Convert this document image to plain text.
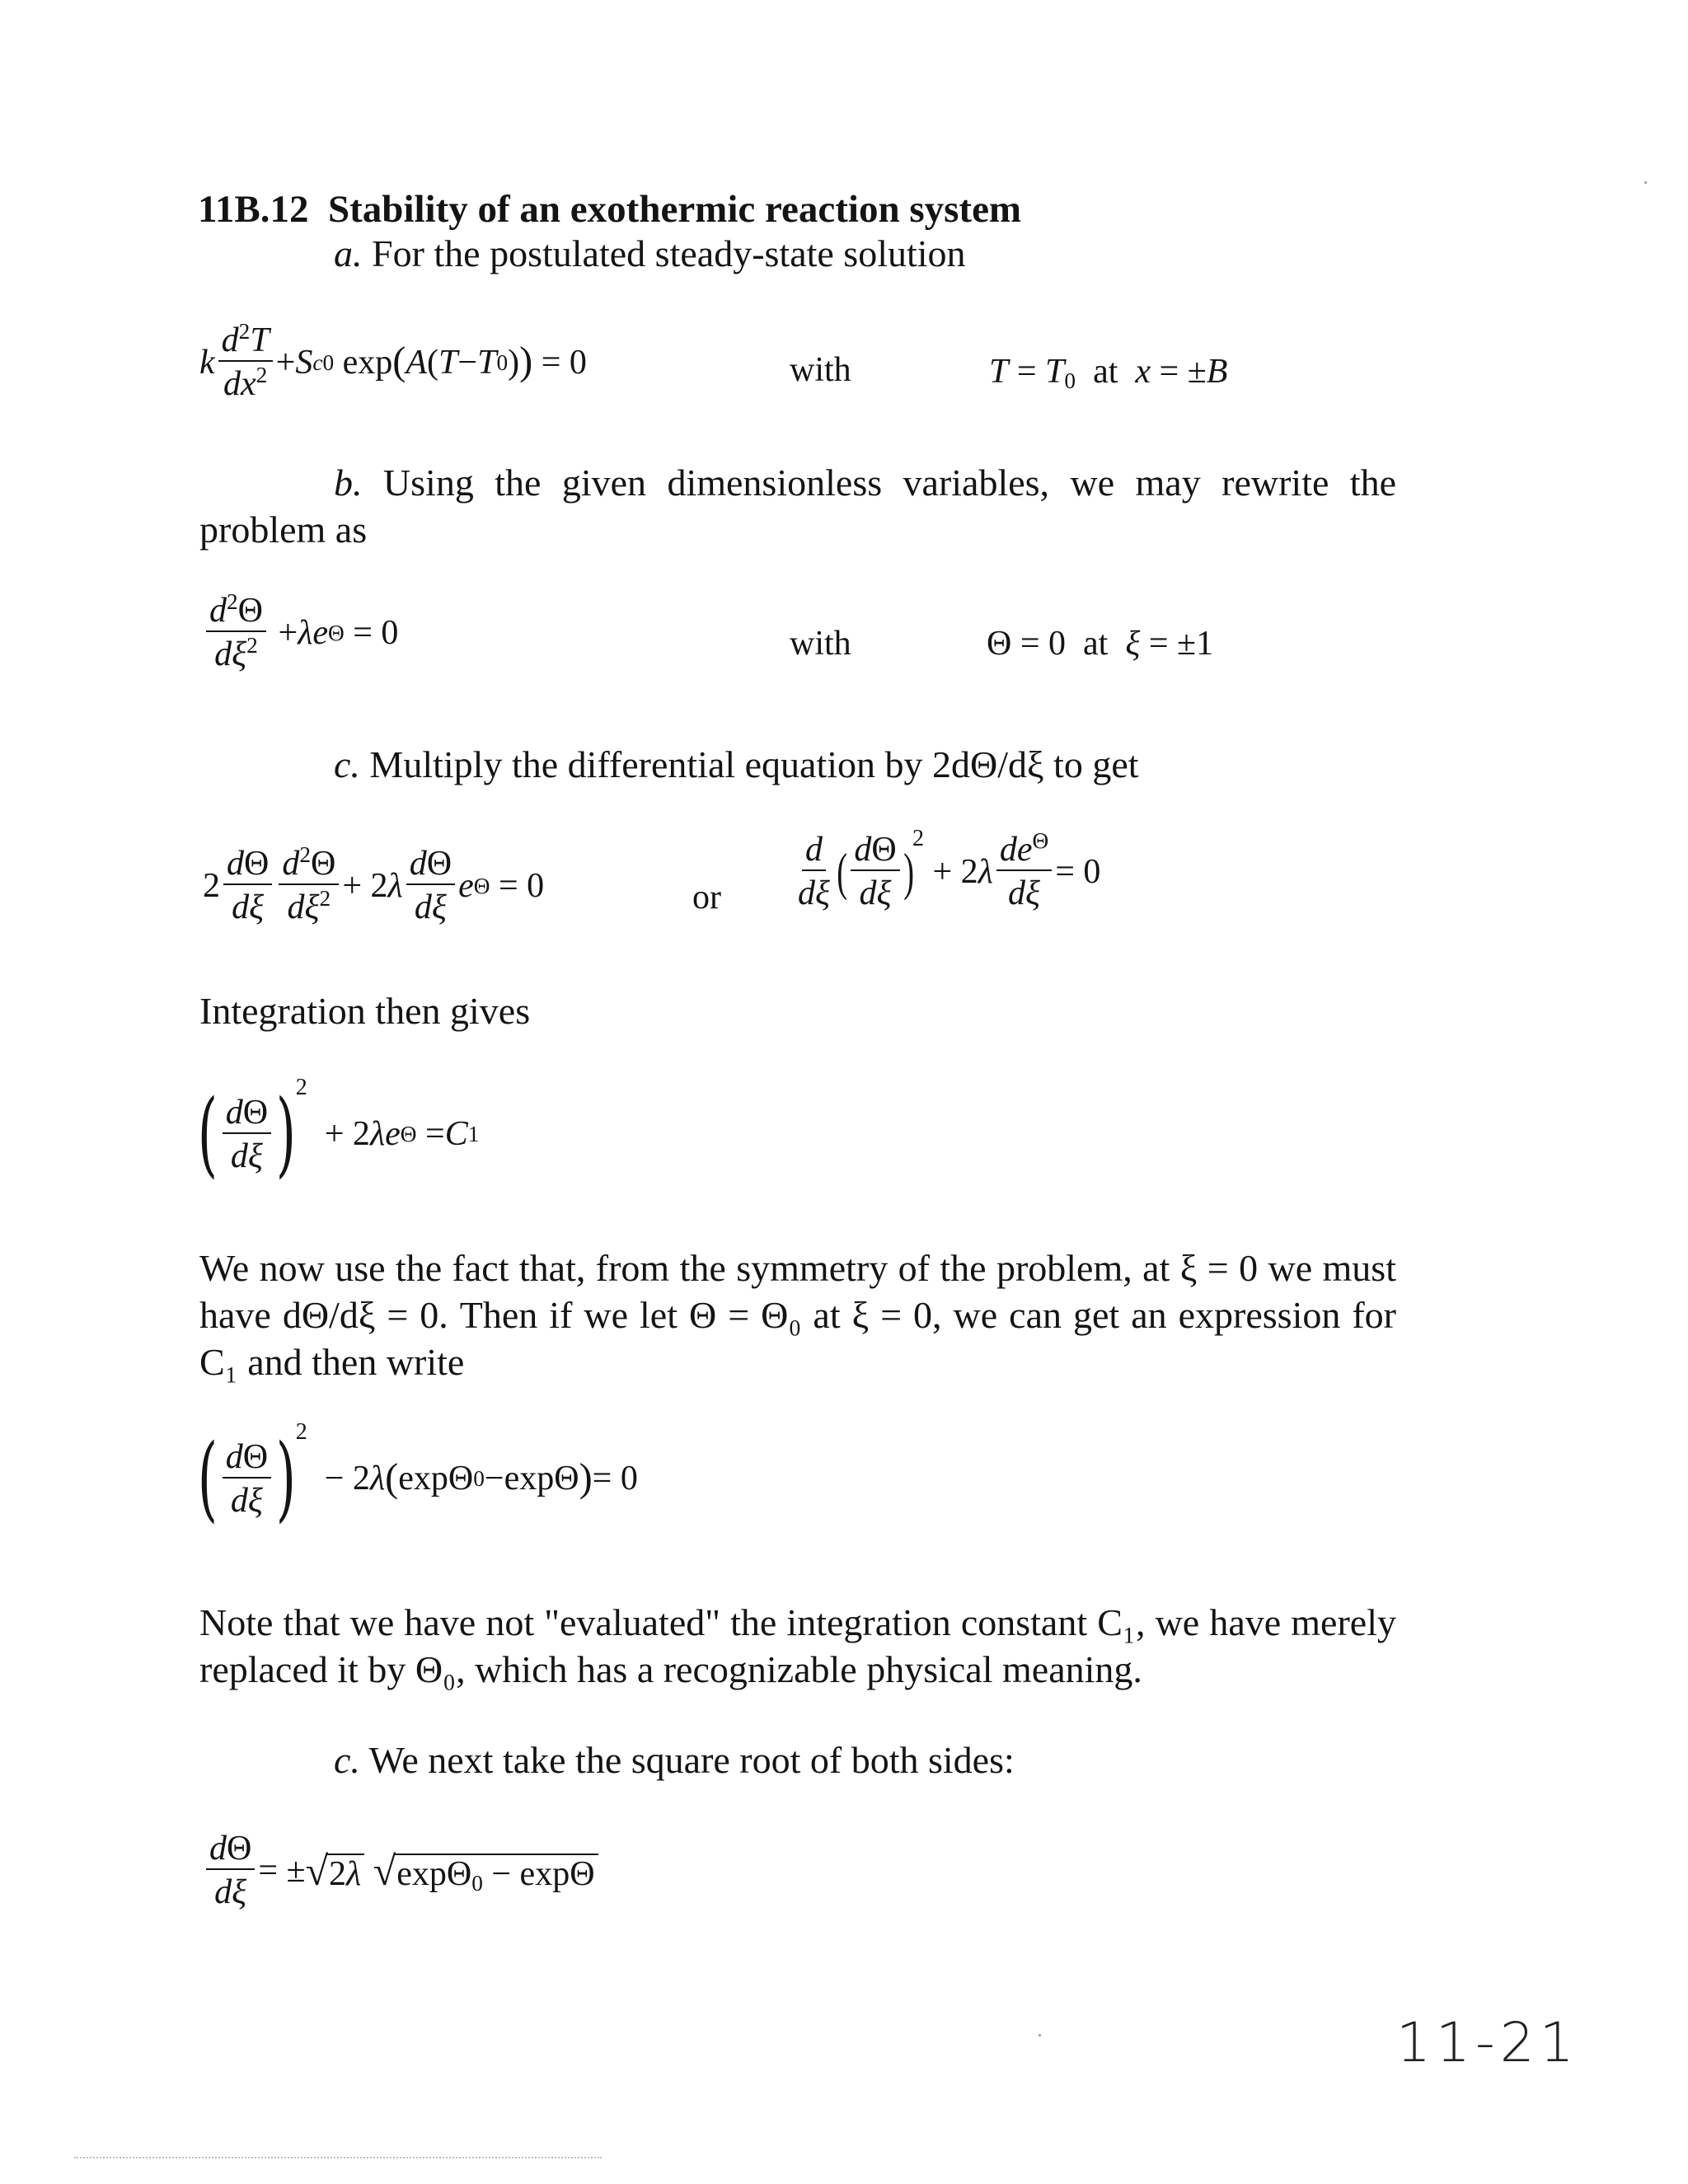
11B.12 Stability of an exothermic reaction system
a. For the postulated steady-state solution
k $\frac{d^2T}{dx^2} + S$ c0 exp ( A ( T − T 0 ) ) = 0	with	$T = T_0$  at  x = ±B
b. Using the given dimensionless variables, we may rewrite the problem as
$\frac{d^2\Theta}{d\xi^2} + \lambda e$ Θ = 0	with	Θ = 0  at  ξ = ±1
c. Multiply the differential equation by 2dΘ/dξ to get
$2 \frac{d\Theta}{d\xi} \frac{d^2\Theta}{d\xi^2} + 2$ λ $\frac{d\Theta}{d\xi}$ e Θ = 0	or $\frac{d}{d\xi}$ ( $\frac{d\Theta}{d\xi}$ )
2
+ 2 λ $\frac{de^\Theta}{d\xi} = 0$
Integration then gives
( $\frac{d\Theta}{d\xi}$ ) 2
+ 2 λe Θ = C 1
We now use the fact that, from the symmetry of the problem, at ξ = 0 we must have dΘ/dξ = 0. Then if we let Θ = Θ₀ at ξ = 0, we can get an expression for C₁ and then write
( $\frac{d\Theta}{d\xi}$ ) 2
− 2 λ ( exp Θ 0 − exp Θ ) = 0
Note that we have not "evaluated" the integration constant C₁, we have merely replaced it by Θ₀, which has a recognizable physical meaning.
c. We next take the square root of both sides:
$\frac{d\Theta}{d\xi}$ = ± √ 2λ
√ expΘ$_0$ − expΘ
11-21
